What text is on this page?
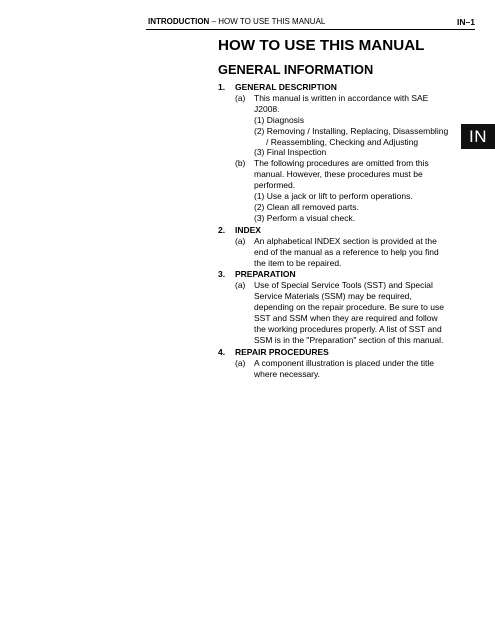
INTRODUCTION – HOW TO USE THIS MANUAL	IN–1
IN
HOW TO USE THIS MANUAL
GENERAL INFORMATION
1. GENERAL DESCRIPTION
(a) This manual is written in accordance with SAE
J2008.
(1) Diagnosis
(2) Removing / Installing, Replacing, Disassembling
/ Reassembling, Checking and Adjusting
(3) Final Inspection
(b) The following procedures are omitted from this
manual. However, these procedures must be
performed.
(1) Use a jack or lift to perform operations.
(2) Clean all removed parts.
(3) Perform a visual check.
2. INDEX
(a) An alphabetical INDEX section is provided at the
end of the manual as a reference to help you find
the item to be repaired.
3. PREPARATION
(a) Use of Special Service Tools (SST) and Special
Service Materials (SSM) may be required,
depending on the repair procedure. Be sure to use
SST and SSM when they are required and follow
the working procedures properly. A list of SST and
SSM is in the "Preparation" section of this manual.
4. REPAIR PROCEDURES
(a) A component illustration is placed under the title
where necessary.
